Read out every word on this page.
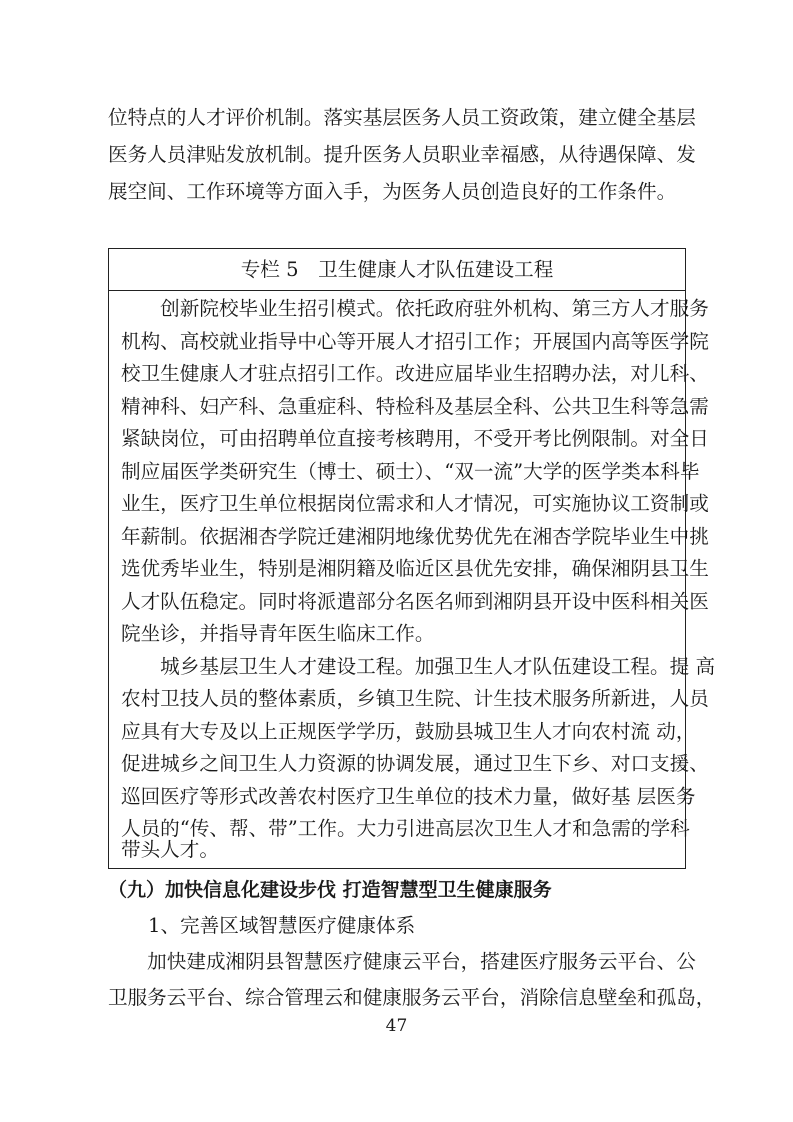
位特点的人才评价机制。落实基层医务人员工资政策，建立健全基层
医务人员津贴发放机制。提升医务人员职业幸福感，从待遇保障、发
展空间、工作环境等方面入手，为医务人员创造良好的工作条件。
专栏 5　卫生健康人才队伍建设工程
　　创新院校毕业生招引模式。依托政府驻外机构、第三方人才服务
机构、高校就业指导中心等开展人才招引工作；开展国内高等医学院
校卫生健康人才驻点招引工作。改进应届毕业生招聘办法，对儿科、
精神科、妇产科、急重症科、特检科及基层全科、公共卫生科等急需
紧缺岗位，可由招聘单位直接考核聘用，不受开考比例限制。对全日
制应届医学类研究生（博士、硕士）、“双一流”大学的医学类本科毕
业生，医疗卫生单位根据岗位需求和人才情况，可实施协议工资制或
年薪制。依据湘杏学院迁建湘阴地缘优势优先在湘杏学院毕业生中挑
选优秀毕业生，特别是湘阴籍及临近区县优先安排，确保湘阴县卫生
人才队伍稳定。同时将派遣部分名医名师到湘阴县开设中医科相关医
院坐诊，并指导青年医生临床工作。
　　城乡基层卫生人才建设工程。加强卫生人才队伍建设工程。提 高
农村卫技人员的整体素质，乡镇卫生院、计生技术服务所新进，人员
应具有大专及以上正规医学学历，鼓励县城卫生人才向农村流 动，
促进城乡之间卫生人力资源的协调发展，通过卫生下乡、对口支援、
巡回医疗等形式改善农村医疗卫生单位的技术力量，做好基 层医务
人员的“传、帮、带”工作。大力引进高层次卫生人才和急需的学科
带头人才。
（九）加快信息化建设步伐 打造智慧型卫生健康服务
1、完善区域智慧医疗健康体系
　　加快建成湘阴县智慧医疗健康云平台，搭建医疗服务云平台、公
卫服务云平台、综合管理云和健康服务云平台，消除信息壁垒和孤岛，
47
